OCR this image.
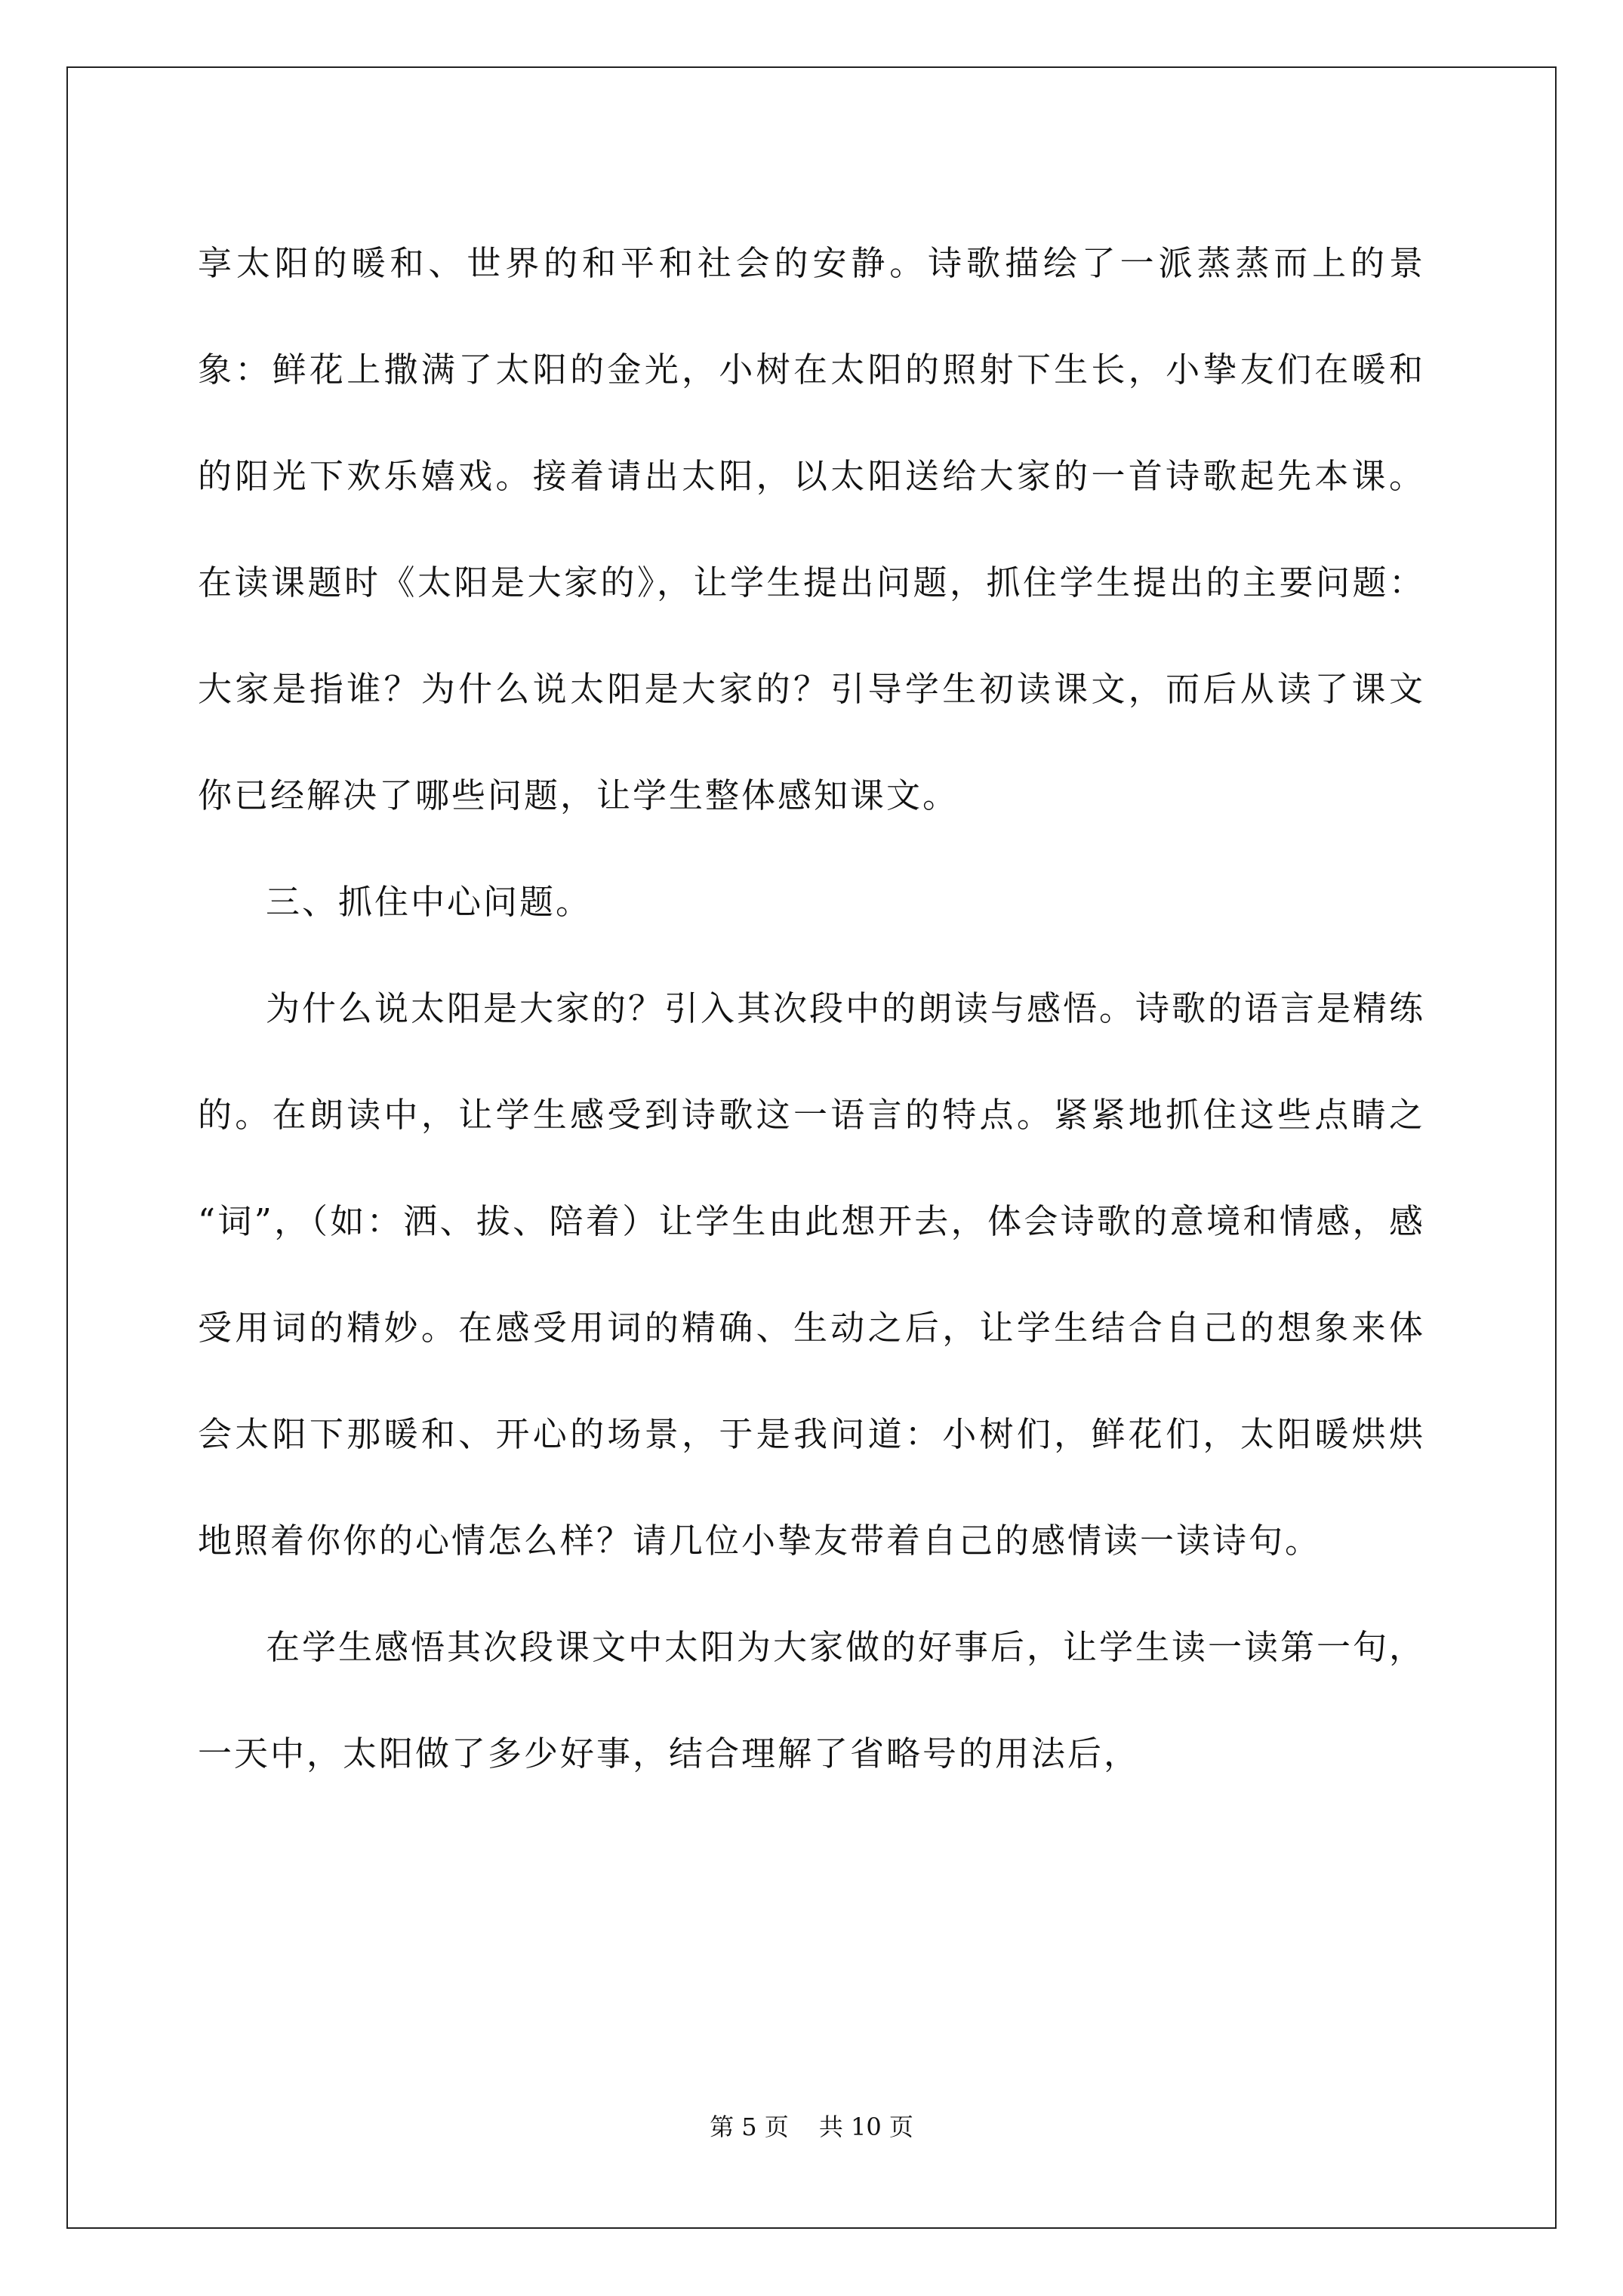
享太阳的暖和、世界的和平和社会的安静。诗歌描绘了一派蒸蒸而上的景象：鲜花上撒满了太阳的金光，小树在太阳的照射下生长，小挚友们在暖和的阳光下欢乐嬉戏。接着请出太阳，以太阳送给大家的一首诗歌起先本课。在读课题时《太阳是大家的》，让学生提出问题，抓住学生提出的主要问题：大家是指谁？为什么说太阳是大家的？引导学生初读课文，而后从读了课文你已经解决了哪些问题，让学生整体感知课文。

三、抓住中心问题。

为什么说太阳是大家的？引入其次段中的朗读与感悟。诗歌的语言是精练的。在朗读中，让学生感受到诗歌这一语言的特点。紧紧地抓住这些点睛之 “词”，（如：洒、拔、陪着）让学生由此想开去，体会诗歌的意境和情感，感受用词的精妙。在感受用词的精确、生动之后，让学生结合自己的想象来体会太阳下那暖和、开心的场景，于是我问道：小树们，鲜花们，太阳暖烘烘地照着你你的心情怎么样？请几位小挚友带着自己的感情读一读诗句。

在学生感悟其次段课文中太阳为大家做的好事后，让学生读一读第一句，一天中，太阳做了多少好事，结合理解了省略号的用法后，

第 5 页 共 10 页
